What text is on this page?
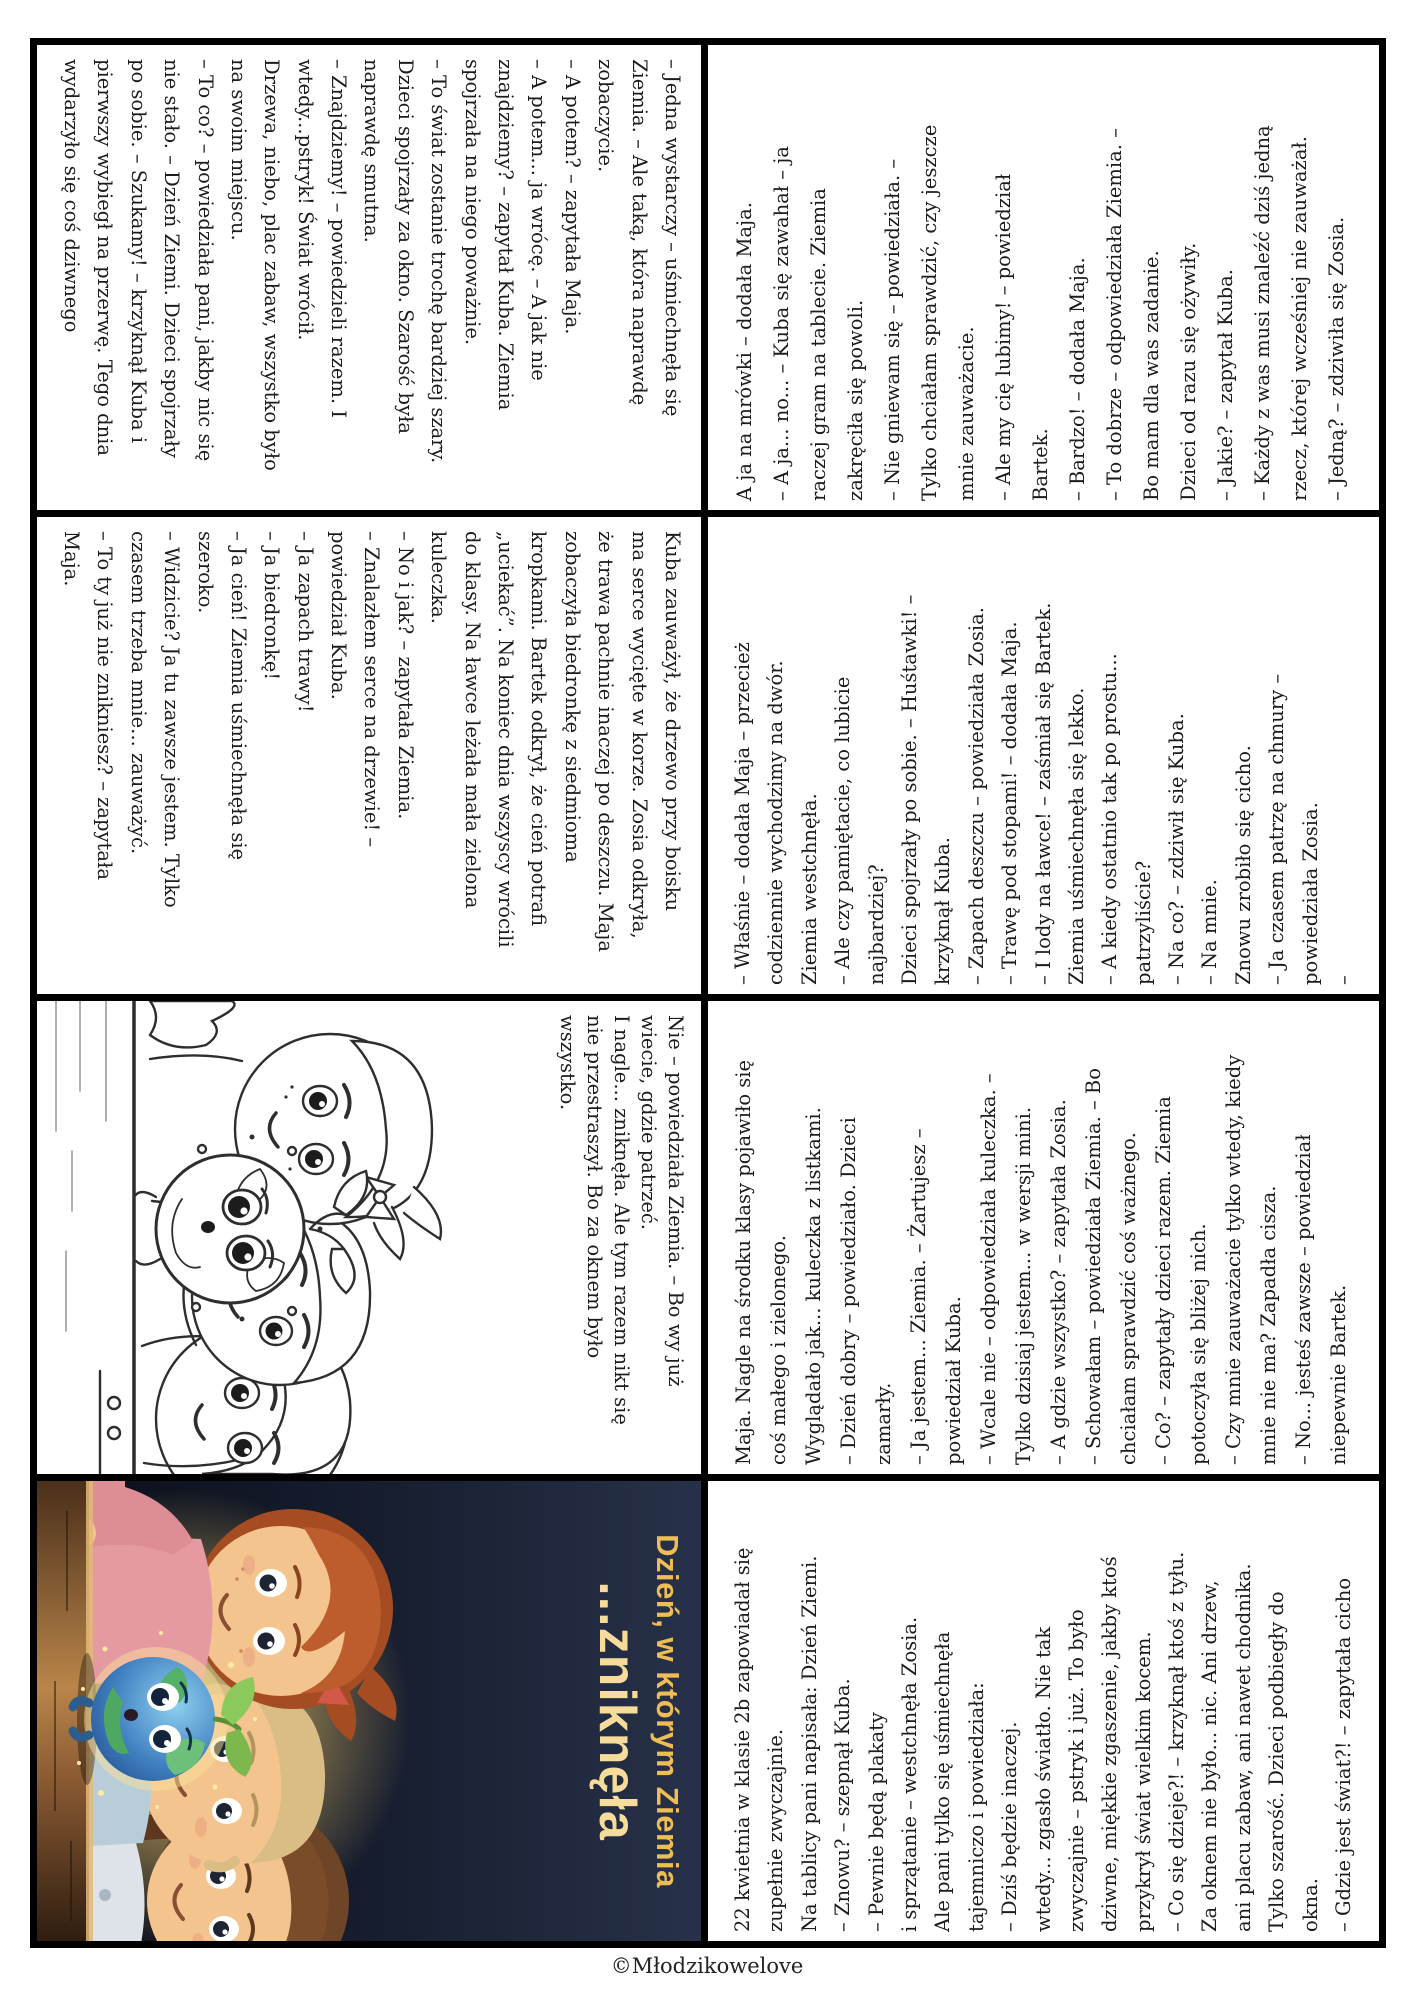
– Jedna wystarczy – uśmiechnęła się
Ziemia. – Ale taką, która naprawdę
zobaczycie.
– A potem? – zapytała Maja.
– A potem... ja wrócę. – A jak nie
znajdziemy? – zapytał Kuba. Ziemia
spojrzała na niego poważnie.
– To świat zostanie trochę bardziej szary.
Dzieci spojrzały za okno. Szarość była
naprawdę smutna.
– Znajdziemy! – powiedzieli razem. I
wtedy...pstryk! Świat wrócił.
Drzewa, niebo, plac zabaw, wszystko było
na swoim miejscu.
– To co? – powiedziała pani, jakby nic się
nie stało. – Dzień Ziemi. Dzieci spojrzały
po sobie. – Szukamy! – krzyknął Kuba i
pierwszy wybiegł na przerwę. Tego dnia
wydarzyło się coś dziwnego
A ja na mrówki – dodała Maja. – A ja... no... – Kuba się zawahał – ja raczej gram na tablecie. Ziemia zakręciła się powoli. – Nie gniewam się – powiedziała. – Tylko chciałam sprawdzić, czy jeszcze mnie zauważacie. – Ale my cię lubimy! – powiedział Bartek. – Bardzo! – dodała Maja. – To dobrze – odpowiedziała Ziemia. – Bo mam dla was zadanie. Dzieci od razu się ożywiły. – Jakie? – zapytał Kuba. – Każdy z was musi znaleźć dziś jedną rzecz, której wcześniej nie zauważał. – Jedną? – zdziwiła się Zosia.
Kuba zauważył, że drzewo przy boisku
ma serce wycięte w korze. Zosia odkryła,
że trawa pachnie inaczej po deszczu. Maja
zobaczyła biedronkę z siedmioma
kropkami. Bartek odkrył, że cień potrafi
„uciekać”. Na koniec dnia wszyscy wrócili
do klasy. Na ławce leżała mała zielona
kuleczka.
– No i jak? – zapytała Ziemia.
– Znalazłem serce na drzewie! –
powiedział Kuba.
– Ja zapach trawy!
– Ja biedronkę!
– Ja cień! Ziemia uśmiechnęła się
szeroko.
– Widzicie? Ja tu zawsze jestem. Tylko
czasem trzeba mnie... zauważyć.
– To ty już nie znikniesz? – zapytała
Maja.
– Właśnie – dodała Maja – przecież codziennie wychodzimy na dwór. Ziemia westchnęła. – Ale czy pamiętacie, co lubicie najbardziej? Dzieci spojrzały po sobie. – Huśtawki! – krzyknął Kuba. – Zapach deszczu – powiedziała Zosia. – Trawę pod stopami! – dodała Maja. – I lody na ławce! – zaśmiał się Bartek. Ziemia uśmiechnęła się lekko. – A kiedy ostatnio tak po prostu... patrzyliście? – Na co? – zdziwił się Kuba. – Na mnie. Znowu zrobiło się cicho. – Ja czasem patrzę na chmury – powiedziała Zosia. –
Nie – powiedziała Ziemia. – Bo wy już
wiecie, gdzie patrzeć.
I nagle... zniknęła. Ale tym razem nikt się
nie przestraszył. Bo za oknem było
wszystko.	Maja. Nagle na środku klasy pojawiło się coś małego i zielonego. Wyglądało jak... kuleczka z listkami. – Dzień dobry – powiedziało. Dzieci zamarły. – Ja jestem... Ziemia. – Żartujesz – powiedział Kuba. – Wcale nie – odpowiedziała kuleczka. – Tylko dzisiaj jestem... w wersji mini. – A gdzie wszystko? – zapytała Zosia. – Schowałam – powiedziała Ziemia. – Bo chciałam sprawdzić coś ważnego. – Co? – zapytały dzieci razem. Ziemia potoczyła się bliżej nich. – Czy mnie zauważacie tylko wtedy, kiedy mnie nie ma? Zapadła cisza. – No... jesteś zawsze – powiedział niepewnie Bartek.
Dzień, w którym Ziemia
...zniknęła	22 kwietnia w klasie 2b zapowiadał się zupełnie zwyczajnie. Na tablicy pani napisała: Dzień Ziemi. – Znowu? – szepnął Kuba. – Pewnie będą plakaty i sprzątanie – westchnęła Zosia. Ale pani tylko się uśmiechnęła tajemniczo i powiedziała: – Dziś będzie inaczej. wtedy... zgasło światło. Nie tak zwyczajnie – pstryk i już. To było dziwne, miękkie zgaszenie, jakby ktoś przykrył świat wielkim kocem. – Co się dzieje?! – krzyknął ktoś z tyłu. Za oknem nie było... nic. Ani drzew, ani placu zabaw, ani nawet chodnika. Tylko szarość. Dzieci podbiegły do okna. – Gdzie jest świat?! – zapytała cicho
©Młodzikowelove
